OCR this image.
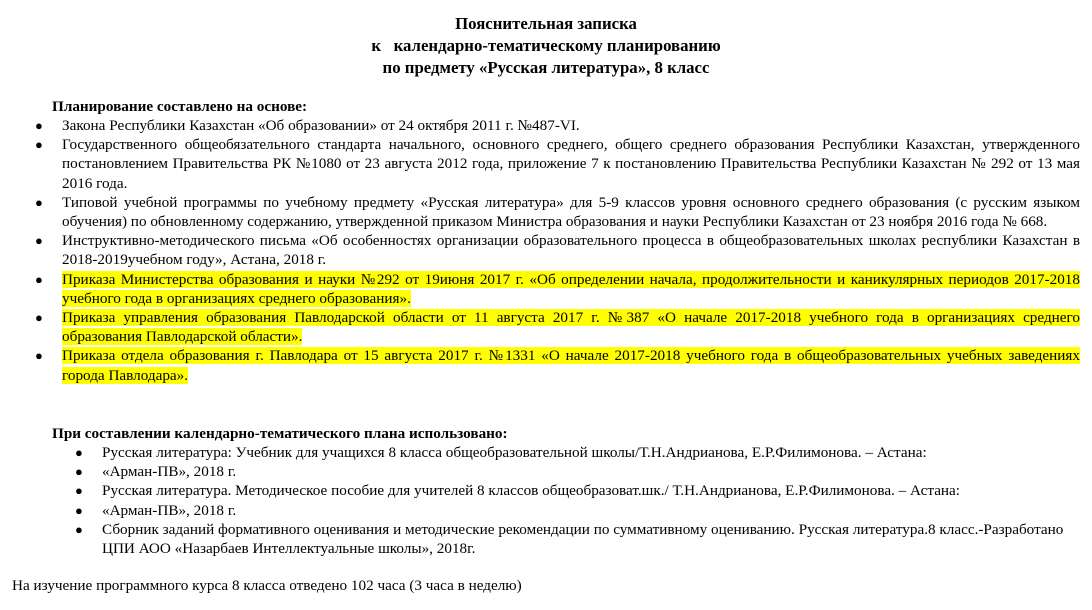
Пояснительная записка
к   календарно-тематическому планированию
по предмету «Русская литература», 8 класс
Планирование составлено на основе:
● Закона Республики Казахстан «Об образовании» от 24 октября 2011 г. №487-VI.
● Государственного общеобязательного стандарта начального, основного среднего, общего среднего образования Республики Казахстан, утвержденного постановлением Правительства РК №1080 от 23 августа 2012 года, приложение 7 к постановлению Правительства Республики Казахстан № 292 от 13 мая 2016 года.
● Типовой учебной программы по учебному предмету «Русская литература» для 5-9 классов уровня основного среднего образования (с русским языком обучения) по обновленному содержанию, утвержденной приказом Министра образования и науки Республики Казахстан от 23 ноября 2016 года № 668.
● Инструктивно-методического письма «Об особенностях организации образовательного процесса в общеобразовательных школах республики Казахстан в 2018-2019учебном году», Астана, 2018 г.
● Приказа Министерства образования и науки №292 от 19июня 2017 г. «Об определении начала, продолжительности и каникулярных периодов 2017-2018 учебного года в организациях среднего образования».
● Приказа управления образования Павлодарской области от 11 августа 2017 г. №387 «О начале 2017-2018 учебного года в организациях среднего образования Павлодарской области».
● Приказа отдела образования г. Павлодара от 15 августа 2017 г. №1331 «О начале 2017-2018 учебного года в общеобразовательных учебных заведениях города Павлодара».
При составлении календарно-тематического плана использовано:
● Русская литература: Учебник для учащихся 8 класса общеобразовательной школы/Т.Н.Андрианова, Е.Р.Филимонова. – Астана:
● «Арман-ПВ», 2018 г.
● Русская литература. Методическое пособие для учителей 8 классов общеобразоват.шк./ Т.Н.Андрианова, Е.Р.Филимонова. – Астана:
● «Арман-ПВ», 2018 г.
● Сборник заданий формативного оценивания и методические рекомендации по суммативному оцениванию. Русская литература.8 класс.-Разработано ЦПИ АОО «Назарбаев Интеллектуальные школы», 2018г.
На изучение программного курса 8 класса отведено 102 часа (3 часа в неделю)
